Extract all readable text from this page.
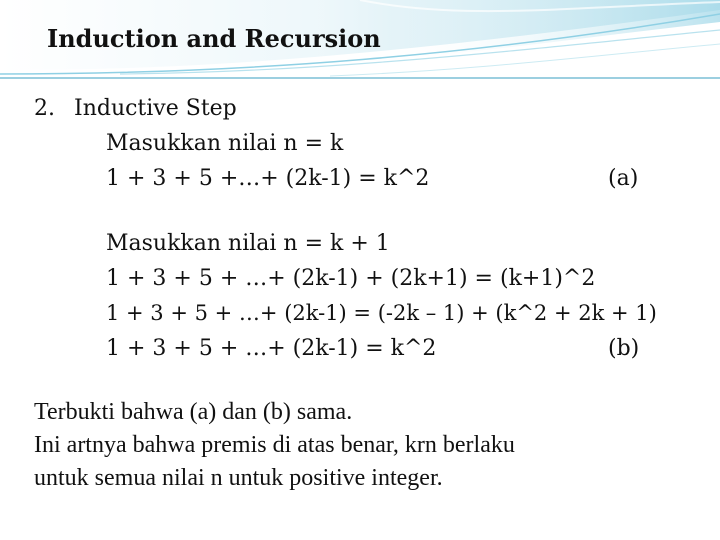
Induction and Recursion
2. Inductive Step
Masukkan nilai n = k
1 + 3 + 5 +…+ (2k-1) = k^2	(a)
Masukkan nilai n = k + 1
1 + 3 + 5 + …+ (2k-1) + (2k+1) = (k+1)^2
1 + 3 + 5 + …+ (2k-1) = (-2k – 1) + (k^2 + 2k + 1)
1 + 3 + 5 + …+ (2k-1) = k^2	(b)
Terbukti bahwa (a) dan (b) sama.
Ini artnya bahwa premis di atas benar, krn berlaku
untuk semua nilai n untuk positive integer.
